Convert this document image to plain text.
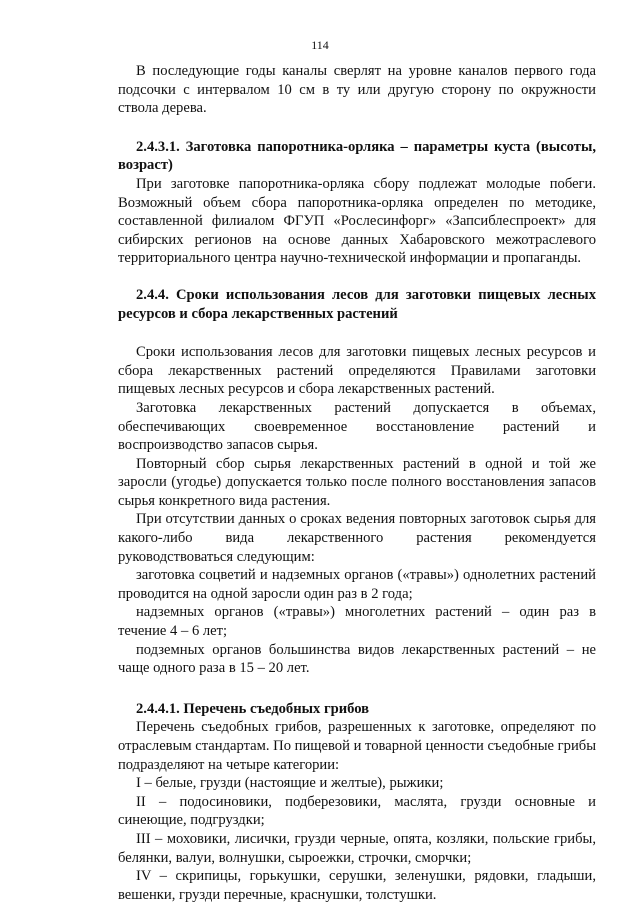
114

В последующие годы каналы сверлят на уровне каналов первого года подсочки с интервалом 10 см в ту или другую сторону по окружности ствола дерева.

2.4.3.1. Заготовка папоротника-орляка – параметры куста (высоты, возраст)

При заготовке папоротника-орляка сбору подлежат молодые побеги. Возможный объем сбора папоротника-орляка определен по методике, составленной филиалом ФГУП «Рослесинфорг» «Запсиблеспроект» для сибирских регионов на основе данных Хабаровского межотраслевого территориального центра научно-технической информации и пропаганды.

2.4.4. Сроки использования лесов для заготовки пищевых лесных ресурсов и сбора лекарственных растений

Сроки использования лесов для заготовки пищевых лесных ресурсов и сбора лекарственных растений определяются Правилами заготовки пищевых лесных ресурсов и сбора лекарственных растений.

Заготовка лекарственных растений допускается в объемах, обеспечивающих своевременное восстановление растений и воспроизводство запасов сырья.

Повторный сбор сырья лекарственных растений в одной и той же заросли (угодье) допускается только после полного восстановления запасов сырья конкретного вида растения.

При отсутствии данных о сроках ведения повторных заготовок сырья для какого-либо вида лекарственного растения рекомендуется руководствоваться следующим:

заготовка соцветий и надземных органов («травы») однолетних растений проводится на одной заросли один раз в 2 года;

надземных органов («травы») многолетних растений – один раз в течение 4 – 6 лет;

подземных органов большинства видов лекарственных растений – не чаще одного раза в 15 – 20 лет.

2.4.4.1. Перечень съедобных грибов

Перечень съедобных грибов, разрешенных к заготовке, определяют по отраслевым стандартам. По пищевой и товарной ценности съедобные грибы подразделяют на четыре категории:

I – белые, грузди (настоящие и желтые), рыжики;

II – подосиновики, подберезовики, маслята, грузди основные и синеющие, подгруздки;

III – моховики, лисички, грузди черные, опята, козляки, польские грибы, белянки, валуи, волнушки, сыроежки, строчки, сморчки;

IV – скрипицы, горькушки, серушки, зеленушки, рядовки, гладыши, вешенки, грузди перечные, краснушки, толстушки.
